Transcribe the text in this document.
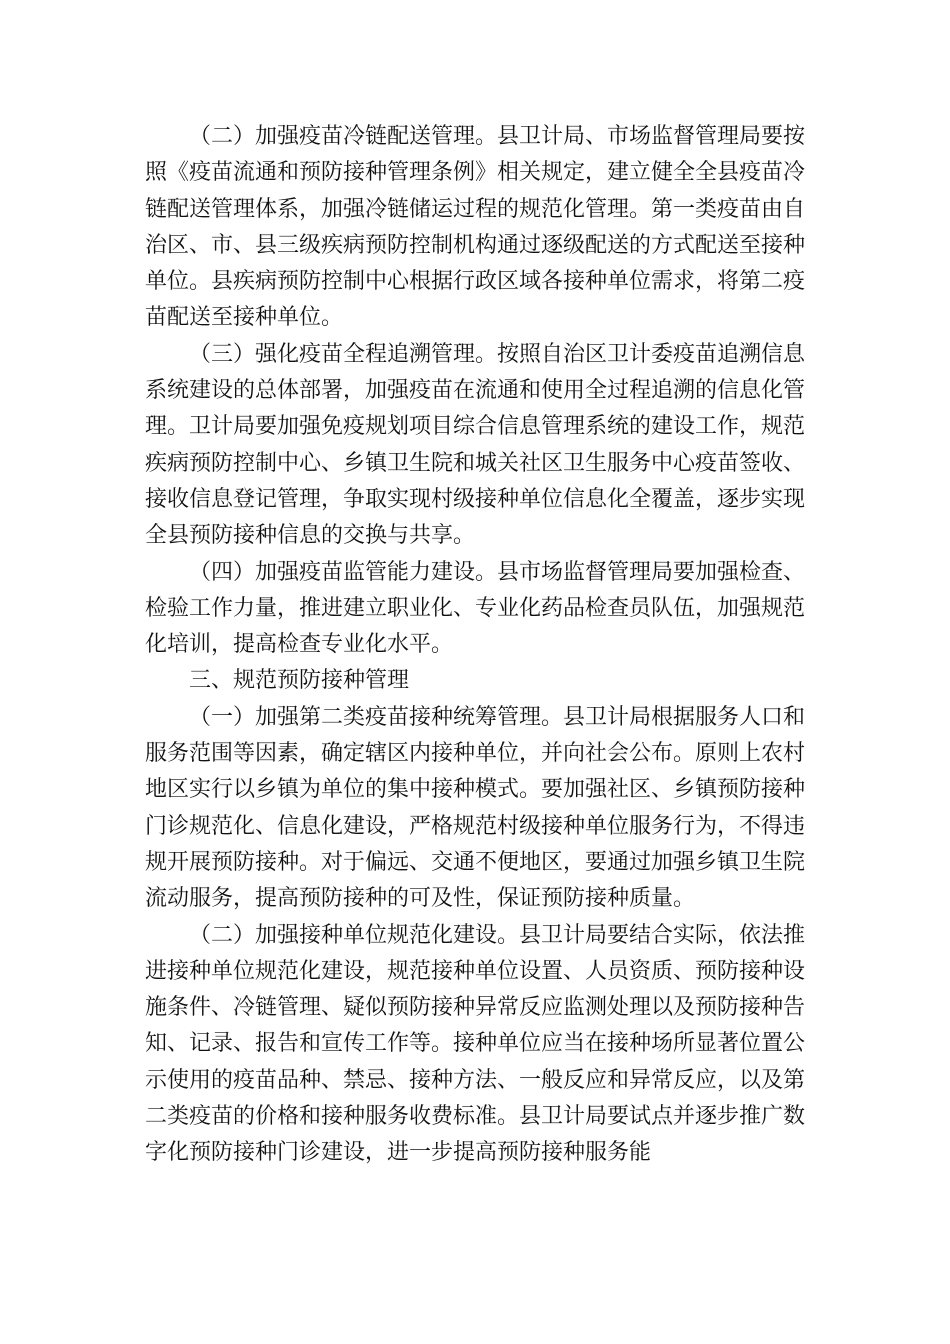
（二）加强疫苗冷链配送管理。县卫计局、市场监督管理局要按照《疫苗流通和预防接种管理条例》相关规定，建立健全全县疫苗冷链配送管理体系，加强冷链储运过程的规范化管理。第一类疫苗由自治区、市、县三级疾病预防控制机构通过逐级配送的方式配送至接种单位。县疾病预防控制中心根据行政区域各接种单位需求，将第二疫苗配送至接种单位。

（三）强化疫苗全程追溯管理。按照自治区卫计委疫苗追溯信息系统建设的总体部署，加强疫苗在流通和使用全过程追溯的信息化管理。卫计局要加强免疫规划项目综合信息管理系统的建设工作，规范疾病预防控制中心、乡镇卫生院和城关社区卫生服务中心疫苗签收、接收信息登记管理，争取实现村级接种单位信息化全覆盖，逐步实现全县预防接种信息的交换与共享。

（四）加强疫苗监管能力建设。县市场监督管理局要加强检查、检验工作力量，推进建立职业化、专业化药品检查员队伍，加强规范化培训，提高检查专业化水平。

三、规范预防接种管理

（一）加强第二类疫苗接种统筹管理。县卫计局根据服务人口和服务范围等因素，确定辖区内接种单位，并向社会公布。原则上农村地区实行以乡镇为单位的集中接种模式。要加强社区、乡镇预防接种门诊规范化、信息化建设，严格规范村级接种单位服务行为，不得违规开展预防接种。对于偏远、交通不便地区，要通过加强乡镇卫生院流动服务，提高预防接种的可及性，保证预防接种质量。

（二）加强接种单位规范化建设。县卫计局要结合实际，依法推进接种单位规范化建设，规范接种单位设置、人员资质、预防接种设施条件、冷链管理、疑似预防接种异常反应监测处理以及预防接种告知、记录、报告和宣传工作等。接种单位应当在接种场所显著位置公示使用的疫苗品种、禁忌、接种方法、一般反应和异常反应，以及第二类疫苗的价格和接种服务收费标准。县卫计局要试点并逐步推广数字化预防接种门诊建设，进一步提高预防接种服务能
